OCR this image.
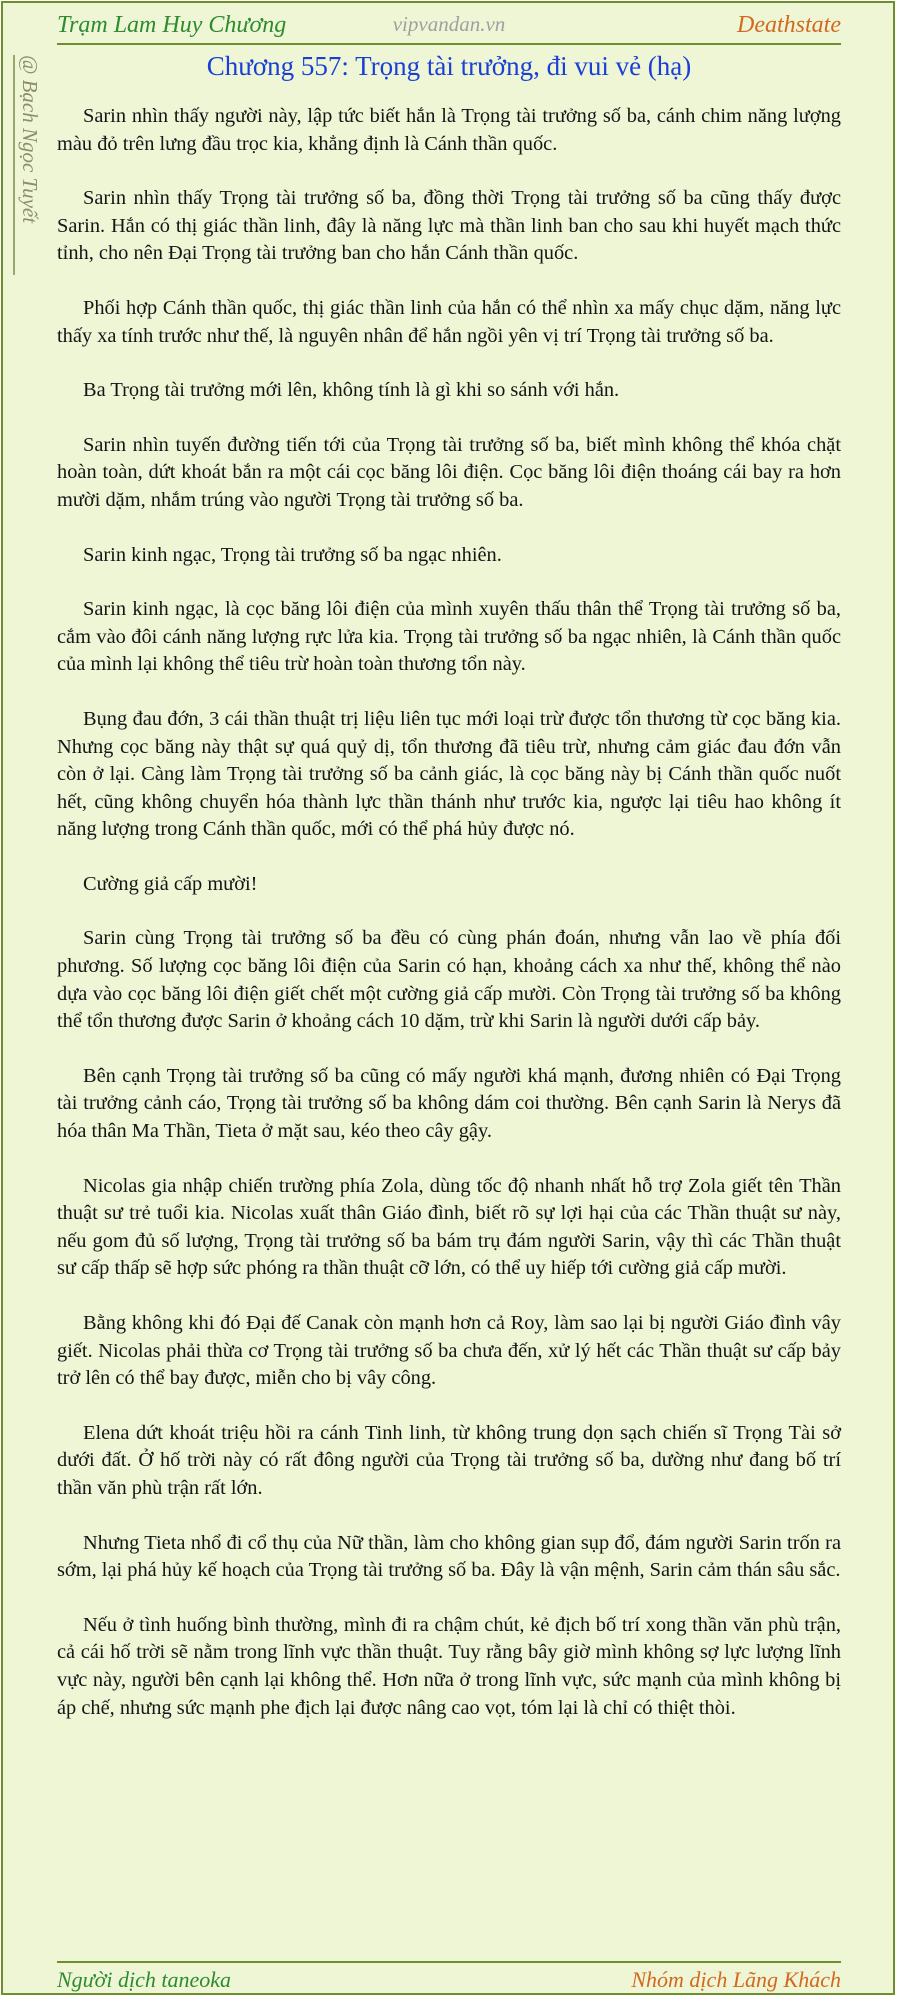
Trạm Lam Huy Chương	vipvandan.vn	Deathstate
@ Bạch Ngọc Tuyết	Chương 557: Trọng tài trưởng, đi vui vẻ (hạ)

Sarin nhìn thấy người này, lập tức biết hắn là Trọng tài trưởng số ba, cánh chim năng lượng màu đỏ trên lưng đầu trọc kia, khẳng định là Cánh thần quốc.

Sarin nhìn thấy Trọng tài trưởng số ba, đồng thời Trọng tài trưởng số ba cũng thấy được Sarin. Hắn có thị giác thần linh, đây là năng lực mà thần linh ban cho sau khi huyết mạch thức tỉnh, cho nên Đại Trọng tài trưởng ban cho hắn Cánh thần quốc.

Phối hợp Cánh thần quốc, thị giác thần linh của hắn có thể nhìn xa mấy chục dặm, năng lực thấy xa tính trước như thế, là nguyên nhân để hắn ngồi yên vị trí Trọng tài trưởng số ba.

Ba Trọng tài trưởng mới lên, không tính là gì khi so sánh với hắn.

Sarin nhìn tuyến đường tiến tới của Trọng tài trưởng số ba, biết mình không thể khóa chặt hoàn toàn, dứt khoát bắn ra một cái cọc băng lôi điện. Cọc băng lôi điện thoáng cái bay ra hơn mười dặm, nhắm trúng vào người Trọng tài trưởng số ba.

Sarin kinh ngạc, Trọng tài trưởng số ba ngạc nhiên.

Sarin kinh ngạc, là cọc băng lôi điện của mình xuyên thấu thân thể Trọng tài trưởng số ba, cắm vào đôi cánh năng lượng rực lửa kia. Trọng tài trưởng số ba ngạc nhiên, là Cánh thần quốc của mình lại không thể tiêu trừ hoàn toàn thương tổn này.

Bụng đau đớn, 3 cái thần thuật trị liệu liên tục mới loại trừ được tổn thương từ cọc băng kia. Nhưng cọc băng này thật sự quá quỷ dị, tổn thương đã tiêu trừ, nhưng cảm giác đau đớn vẫn còn ở lại. Càng làm Trọng tài trưởng số ba cảnh giác, là cọc băng này bị Cánh thần quốc nuốt hết, cũng không chuyển hóa thành lực thần thánh như trước kia, ngược lại tiêu hao không ít năng lượng trong Cánh thần quốc, mới có thể phá hủy được nó.

Cường giả cấp mười!

Sarin cùng Trọng tài trưởng số ba đều có cùng phán đoán, nhưng vẫn lao về phía đối phương. Số lượng cọc băng lôi điện của Sarin có hạn, khoảng cách xa như thế, không thể nào dựa vào cọc băng lôi điện giết chết một cường giả cấp mười. Còn Trọng tài trưởng số ba không thể tổn thương được Sarin ở khoảng cách 10 dặm, trừ khi Sarin là người dưới cấp bảy.

Bên cạnh Trọng tài trưởng số ba cũng có mấy người khá mạnh, đương nhiên có Đại Trọng tài trưởng cảnh cáo, Trọng tài trưởng số ba không dám coi thường. Bên cạnh Sarin là Nerys đã hóa thân Ma Thần, Tieta ở mặt sau, kéo theo cây gậy.

Nicolas gia nhập chiến trường phía Zola, dùng tốc độ nhanh nhất hỗ trợ Zola giết tên Thần thuật sư trẻ tuổi kia. Nicolas xuất thân Giáo đình, biết rõ sự lợi hại của các Thần thuật sư này, nếu gom đủ số lượng, Trọng tài trưởng số ba bám trụ đám người Sarin, vậy thì các Thần thuật sư cấp thấp sẽ hợp sức phóng ra thần thuật cỡ lớn, có thể uy hiếp tới cường giả cấp mười.

Bằng không khi đó Đại đế Canak còn mạnh hơn cả Roy, làm sao lại bị người Giáo đình vây giết. Nicolas phải thừa cơ Trọng tài trưởng số ba chưa đến, xử lý hết các Thần thuật sư cấp bảy trở lên có thể bay được, miễn cho bị vây công.

Elena dứt khoát triệu hồi ra cánh Tinh linh, từ không trung dọn sạch chiến sĩ Trọng Tài sở dưới đất. Ở hố trời này có rất đông người của Trọng tài trưởng số ba, dường như đang bố trí thần văn phù trận rất lớn.

Nhưng Tieta nhổ đi cổ thụ của Nữ thần, làm cho không gian sụp đổ, đám người Sarin trốn ra sớm, lại phá hủy kế hoạch của Trọng tài trưởng số ba. Đây là vận mệnh, Sarin cảm thán sâu sắc.

Nếu ở tình huống bình thường, mình đi ra chậm chút, kẻ địch bố trí xong thần văn phù trận, cả cái hố trời sẽ nằm trong lĩnh vực thần thuật. Tuy rằng bây giờ mình không sợ lực lượng lĩnh vực này, người bên cạnh lại không thể. Hơn nữa ở trong lĩnh vực, sức mạnh của mình không bị áp chế, nhưng sức mạnh phe địch lại được nâng cao vọt, tóm lại là chỉ có thiệt thòi.

Người dịch taneoka	Nhóm dịch Lãng Khách
